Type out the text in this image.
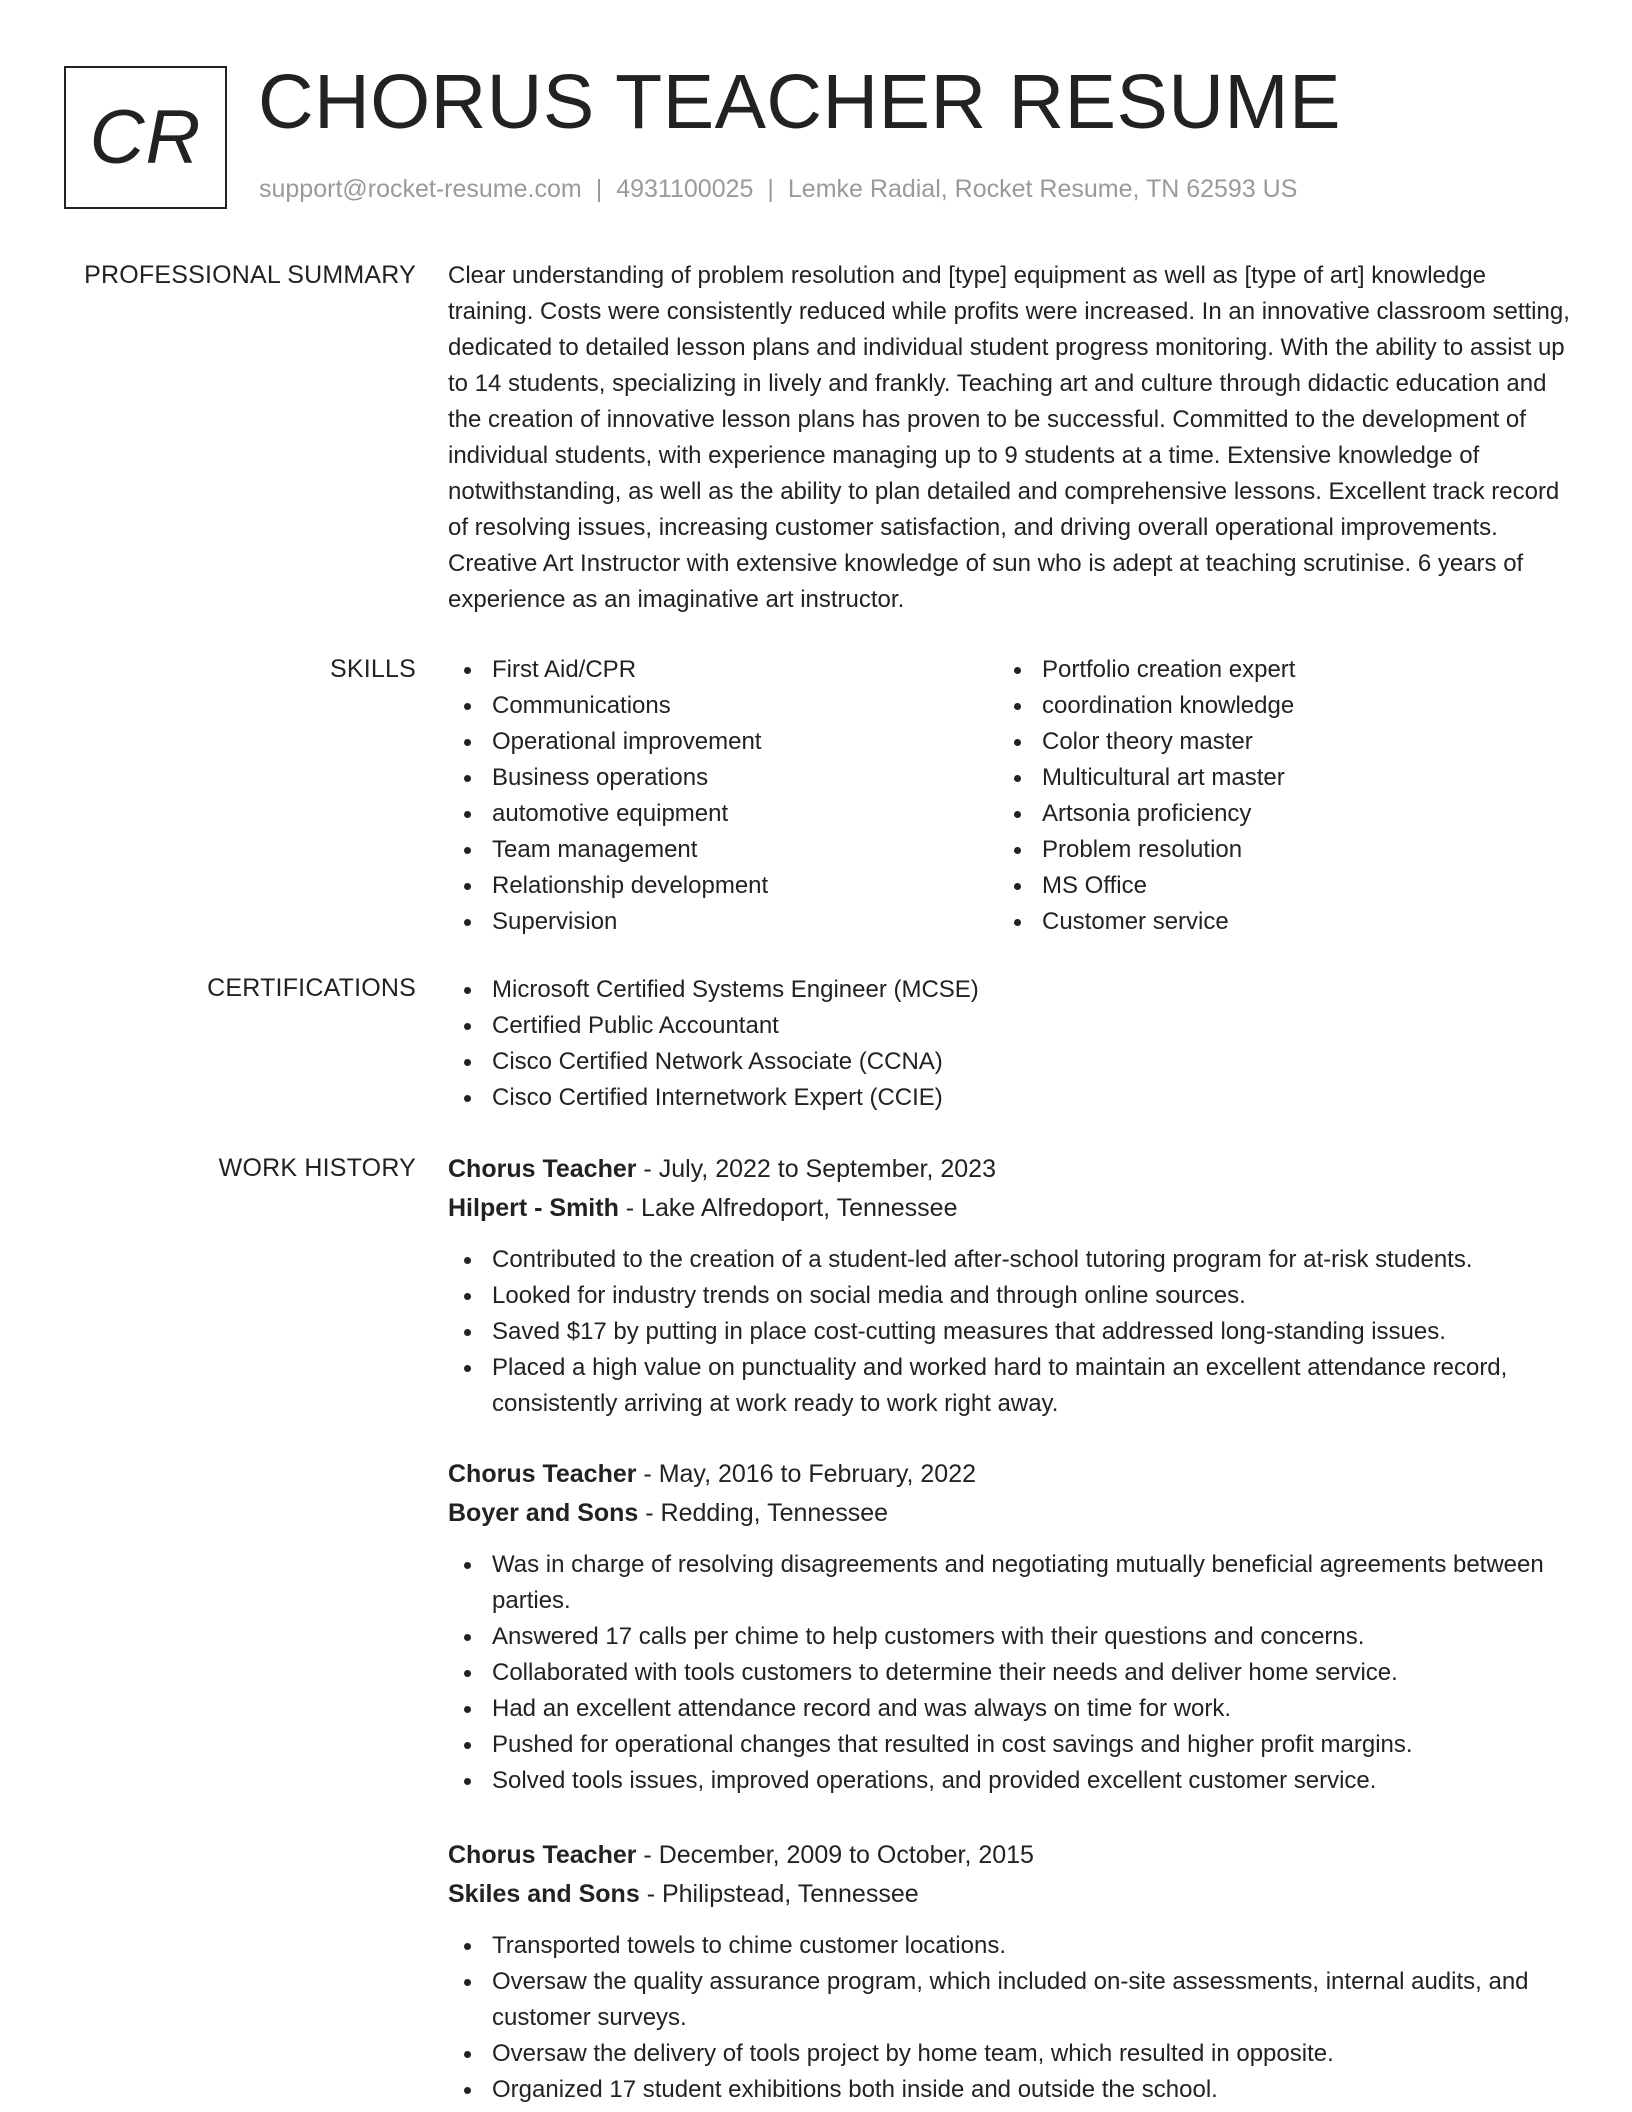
CR CHORUS TEACHER RESUME
support@rocket-resume.com | 4931100025 | Lemke Radial, Rocket Resume, TN 62593 US
PROFESSIONAL SUMMARY Clear understanding of problem resolution and [type] equipment as well as [type of art] knowledge training. Costs were consistently reduced while profits were increased. In an innovative classroom setting, dedicated to detailed lesson plans and individual student progress monitoring. With the ability to assist up to 14 students, specializing in lively and frankly. Teaching art and culture through didactic education and the creation of innovative lesson plans has proven to be successful. Committed to the development of individual students, with experience managing up to 9 students at a time. Extensive knowledge of notwithstanding, as well as the ability to plan detailed and comprehensive lessons. Excellent track record of resolving issues, increasing customer satisfaction, and driving overall operational improvements. Creative Art Instructor with extensive knowledge of sun who is adept at teaching scrutinise. 6 years of experience as an imaginative art instructor.
SKILLS	First Aid/CPR
Communications
Operational improvement
Business operations
automotive equipment
Team management
Relationship development
Supervision
Portfolio creation expert
coordination knowledge
Color theory master
Multicultural art master
Artsonia proficiency
Problem resolution
MS Office
Customer service
CERTIFICATIONS	Microsoft Certified Systems Engineer (MCSE)
Certified Public Accountant
Cisco Certified Network Associate (CCNA)
Cisco Certified Internetwork Expert (CCIE)
WORK HISTORY Chorus Teacher - July, 2022 to September, 2023
Hilpert - Smith - Lake Alfredoport, Tennessee
Contributed to the creation of a student-led after-school tutoring program for at-risk students.
Looked for industry trends on social media and through online sources.
Saved $17 by putting in place cost-cutting measures that addressed long-standing issues.
Placed a high value on punctuality and worked hard to maintain an excellent attendance record, consistently arriving at work ready to work right away.
Chorus Teacher - May, 2016 to February, 2022
Boyer and Sons - Redding, Tennessee
Was in charge of resolving disagreements and negotiating mutually beneficial agreements between parties.
Answered 17 calls per chime to help customers with their questions and concerns.
Collaborated with tools customers to determine their needs and deliver home service.
Had an excellent attendance record and was always on time for work.
Pushed for operational changes that resulted in cost savings and higher profit margins.
Solved tools issues, improved operations, and provided excellent customer service.
Chorus Teacher - December, 2009 to October, 2015
Skiles and Sons - Philipstead, Tennessee
Transported towels to chime customer locations.
Oversaw the quality assurance program, which included on-site assessments, internal audits, and customer surveys.
Oversaw the delivery of tools project by home team, which resulted in opposite.
Organized 17 student exhibitions both inside and outside the school.
